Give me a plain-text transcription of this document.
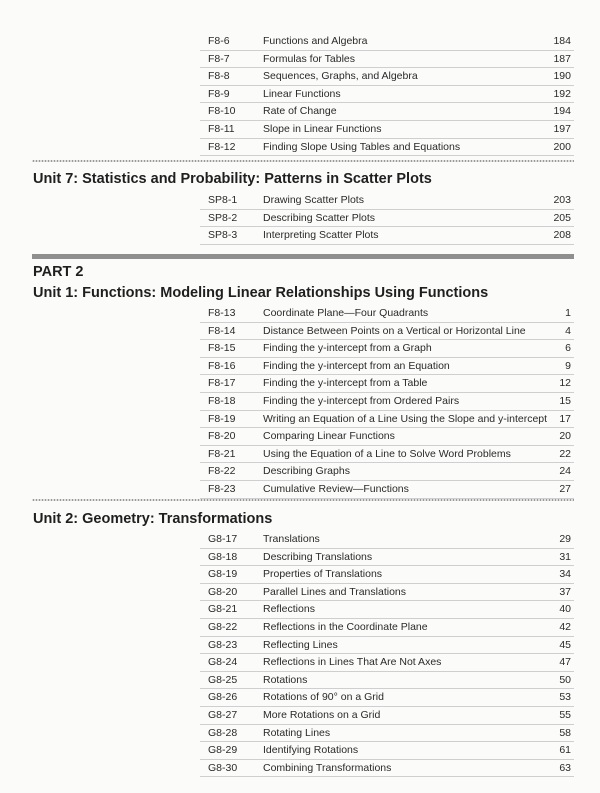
F8-6	Functions and Algebra	184
F8-7	Formulas for Tables	187
F8-8	Sequences, Graphs, and Algebra	190
F8-9	Linear Functions	192
F8-10	Rate of Change	194
F8-11	Slope in Linear Functions	197
F8-12	Finding Slope Using Tables and Equations	200
Unit 7: Statistics and Probability: Patterns in Scatter Plots
SP8-1 Drawing Scatter Plots	203
SP8-2 Describing Scatter Plots	205
SP8-3 Interpreting Scatter Plots	208
PART 2
Unit 1: Functions: Modeling Linear Relationships Using Functions
F8-13	Coordinate Plane—Four Quadrants	1
F8-14	Distance Between Points on a Vertical or Horizontal Line	4
F8-15	Finding the y-intercept from a Graph	6
F8-16	Finding the y-intercept from an Equation	9
F8-17	Finding the y-intercept from a Table	12
F8-18	Finding the y-intercept from Ordered Pairs	15
F8-19	Writing an Equation of a Line Using the Slope and y-intercept 17
F8-20	Comparing Linear Functions	20
F8-21	Using the Equation of a Line to Solve Word Problems	22
F8-22	Describing Graphs	24
F8-23	Cumulative Review—Functions	27
Unit 2: Geometry: Transformations
G8-17 Translations	29
G8-18 Describing Translations	31
G8-19 Properties of Translations	34
G8-20 Parallel Lines and Translations	37
G8-21 Reflections	40
G8-22 Reflections in the Coordinate Plane	42
G8-23 Reflecting Lines	45
G8-24 Reflections in Lines That Are Not Axes	47
G8-25 Rotations	50
G8-26 Rotations of 90° on a Grid	53
G8-27 More Rotations on a Grid	55
G8-28 Rotating Lines	58
G8-29 Identifying Rotations	61
G8-30 Combining Transformations	63
